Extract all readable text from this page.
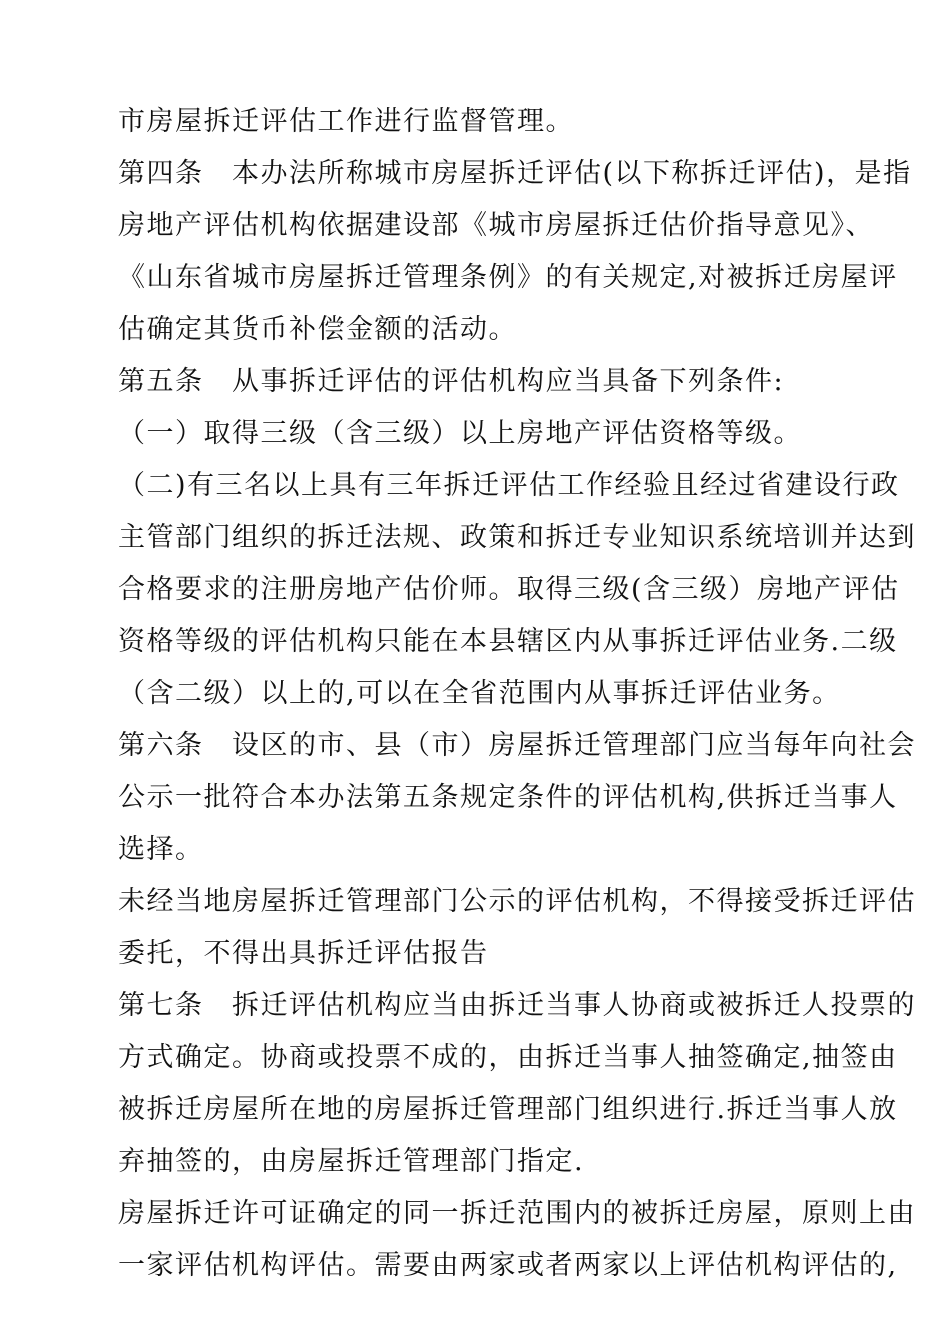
市房屋拆迁评估工作进行监督管理。
第四条　本办法所称城市房屋拆迁评估(以下称拆迁评估)，是指
房地产评估机构依据建设部《城市房屋拆迁估价指导意见》、
《山东省城市房屋拆迁管理条例》的有关规定,对被拆迁房屋评
估确定其货币补偿金额的活动。
第五条　从事拆迁评估的评估机构应当具备下列条件:
（一）取得三级（含三级）以上房地产评估资格等级。
（二)有三名以上具有三年拆迁评估工作经验且经过省建设行政
主管部门组织的拆迁法规、政策和拆迁专业知识系统培训并达到
合格要求的注册房地产估价师。取得三级(含三级）房地产评估
资格等级的评估机构只能在本县辖区内从事拆迁评估业务.二级
（含二级）以上的,可以在全省范围内从事拆迁评估业务。
第六条　设区的市、县（市）房屋拆迁管理部门应当每年向社会
公示一批符合本办法第五条规定条件的评估机构,供拆迁当事人
选择。
未经当地房屋拆迁管理部门公示的评估机构，不得接受拆迁评估
委托，不得出具拆迁评估报告
第七条　拆迁评估机构应当由拆迁当事人协商或被拆迁人投票的
方式确定。协商或投票不成的，由拆迁当事人抽签确定,抽签由
被拆迁房屋所在地的房屋拆迁管理部门组织进行.拆迁当事人放
弃抽签的，由房屋拆迁管理部门指定.
房屋拆迁许可证确定的同一拆迁范围内的被拆迁房屋，原则上由
一家评估机构评估。需要由两家或者两家以上评估机构评估的,
